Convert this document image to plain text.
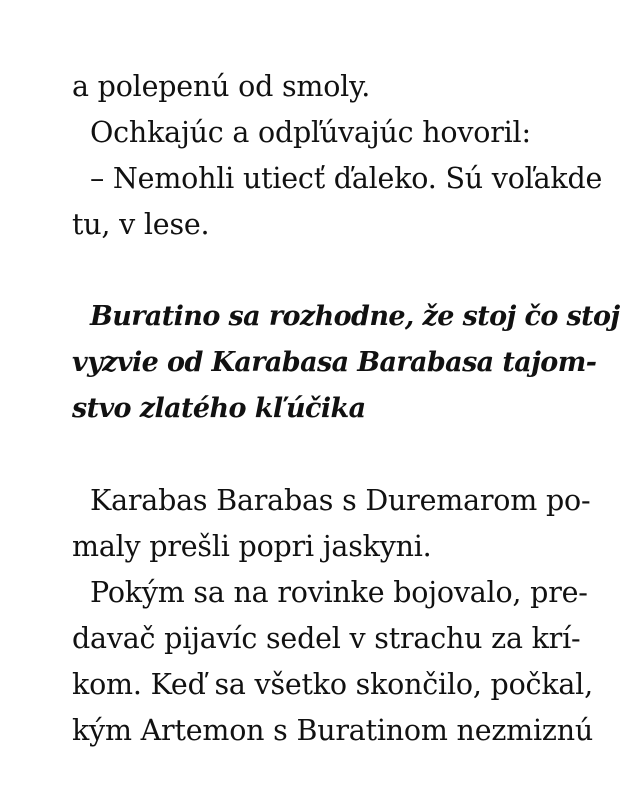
a polepenú od smoly.
Ochkajúc a odpľúvajúc hovoril:
– Nemohli utiecť ďaleko. Sú voľakde
tu, v lese.
Buratino sa rozhodne, že stoj čo stoj
vyzvie od Karabasa Barabasa tajom-
stvo zlatého kľúčika
Karabas Barabas s Duremarom po-
maly prešli popri jaskyni.
Pokým sa na rovinke bojovalo, pre-
davač pijavíc sedel v strachu za krí-
kom. Keď sa všetko skončilo, počkal,
kým Artemon s Buratinom nezmiznú
